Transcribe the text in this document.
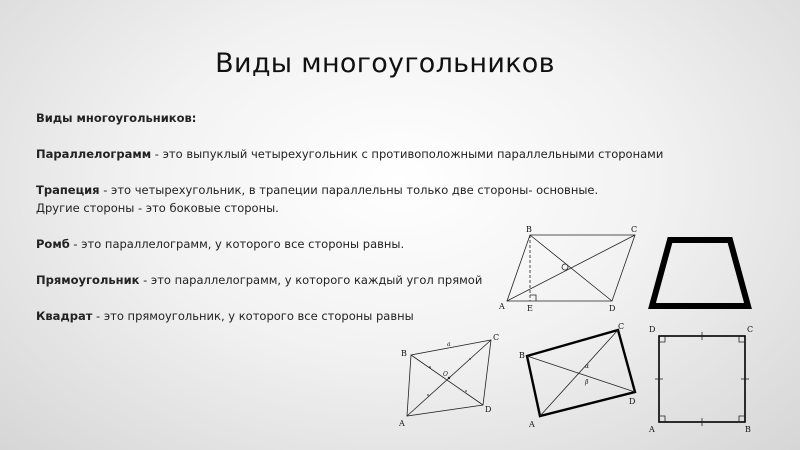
Виды многоугольников

Виды многоугольников:

Параллелограмм - это выпуклый четырехугольник с противоположными параллельными сторонами

Трапеция - это четырехугольник, в трапеции параллельны только две стороны- основные.

Другие стороны - это боковые стороны.

Ромб - это параллелограмм, у которого все стороны равны.

Прямоугольник - это параллелограмм, у которого каждый угол прямой

Квадрат - это прямоугольник, у которого все стороны равны

A
B	C
D
E
A
B
C
D
a
O
A
B
C
D
α
β
A	B
C
D
